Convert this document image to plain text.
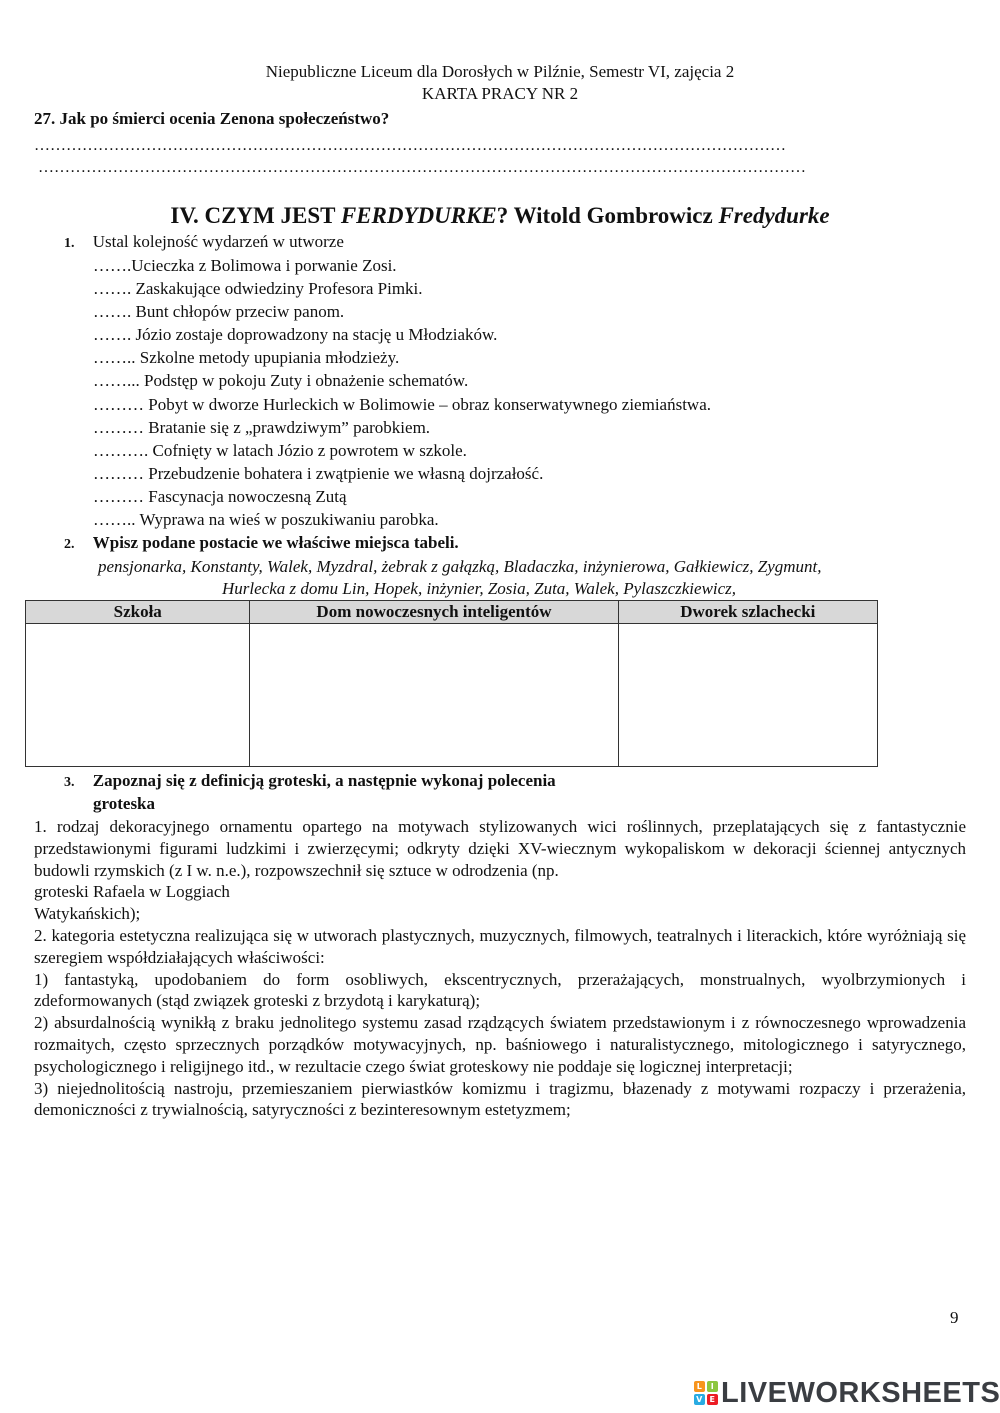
Niepubliczne Liceum dla Dorosłych w Pilźnie, Semestr VI, zajęcia 2
KARTA PRACY NR 2
27. Jak po śmierci ocenia Zenona społeczeństwo?
……………………………………………………………………………………………………………………………
………………………………………………………………………………………………………………………………
IV. CZYM JEST FERDYDURKE? Witold Gombrowicz Fredydurke
1. Ustal kolejność wydarzeń w utworze
…….Ucieczka z Bolimowa i porwanie Zosi.
……. Zaskakujące odwiedziny Profesora Pimki.
……. Bunt chłopów przeciw panom.
……. Józio zostaje doprowadzony na stację u Młodziaków.
…….. Szkolne metody upupiania młodzieży.
……... Podstęp w pokoju Zuty i obnażenie schematów.
……… Pobyt w dworze Hurleckich w Bolimowie – obraz konserwatywnego ziemiaństwa.
……… Bratanie się z „prawdziwym” parobkiem.
………. Cofnięty w latach Józio z powrotem w szkole.
……… Przebudzenie bohatera i zwątpienie we własną dojrzałość.
……… Fascynacja nowoczesną Zutą
…….. Wyprawa na wieś w poszukiwaniu parobka.
2. Wpisz podane postacie we właściwe miejsca tabeli.
pensjonarka, Konstanty, Walek, Myzdral, żebrak z gałązką, Bladaczka, inżynierowa, Gałkiewicz, Zygmunt,
Hurlecka z domu Lin, Hopek, inżynier, Zosia, Zuta, Walek, Pylaszczkiewicz,
Szkoła	Dom nowoczesnych inteligentów	Dworek szlachecki

3. Zapoznaj się z definicją groteski, a następnie wykonaj polecenia
groteska

1. rodzaj dekoracyjnego ornamentu opartego na motywach stylizowanych wici roślinnych, przeplatających się z fantastycznie przedstawionymi figurami ludzkimi i zwierzęcymi; odkryty dzięki XV-wiecznym wykopaliskom w dekoracji ściennej antycznych budowli rzymskich (z I w. n.e.), rozpowszechnił się sztuce w odrodzenia (np.

groteski Rafaela w Loggiach

Watykańskich);

2. kategoria estetyczna realizująca się w utworach plastycznych, muzycznych, filmowych, teatralnych i literackich, które wyróżniają się szeregiem współdziałających właściwości:

1) fantastyką, upodobaniem do form osobliwych, ekscentrycznych, przerażających, monstrualnych, wyolbrzymionych i zdeformowanych (stąd związek groteski z brzydotą i karykaturą);

2) absurdalnością wynikłą z braku jednolitego systemu zasad rządzących światem przedstawionym i z równoczesnego wprowadzenia rozmaitych, często sprzecznych porządków motywacyjnych, np. baśniowego i naturalistycznego, mitologicznego i satyrycznego, psychologicznego i religijnego itd., w rezultacie czego świat groteskowy nie poddaje się logicznej interpretacji;

3) niejednolitością nastroju, przemieszaniem pierwiastków komizmu i tragizmu, błazenady z motywami rozpaczy i przerażenia, demoniczności z trywialnością, satyryczności z bezinteresownym estetyzmem;

9
L	I
V E LIVEWORKSHEETS
